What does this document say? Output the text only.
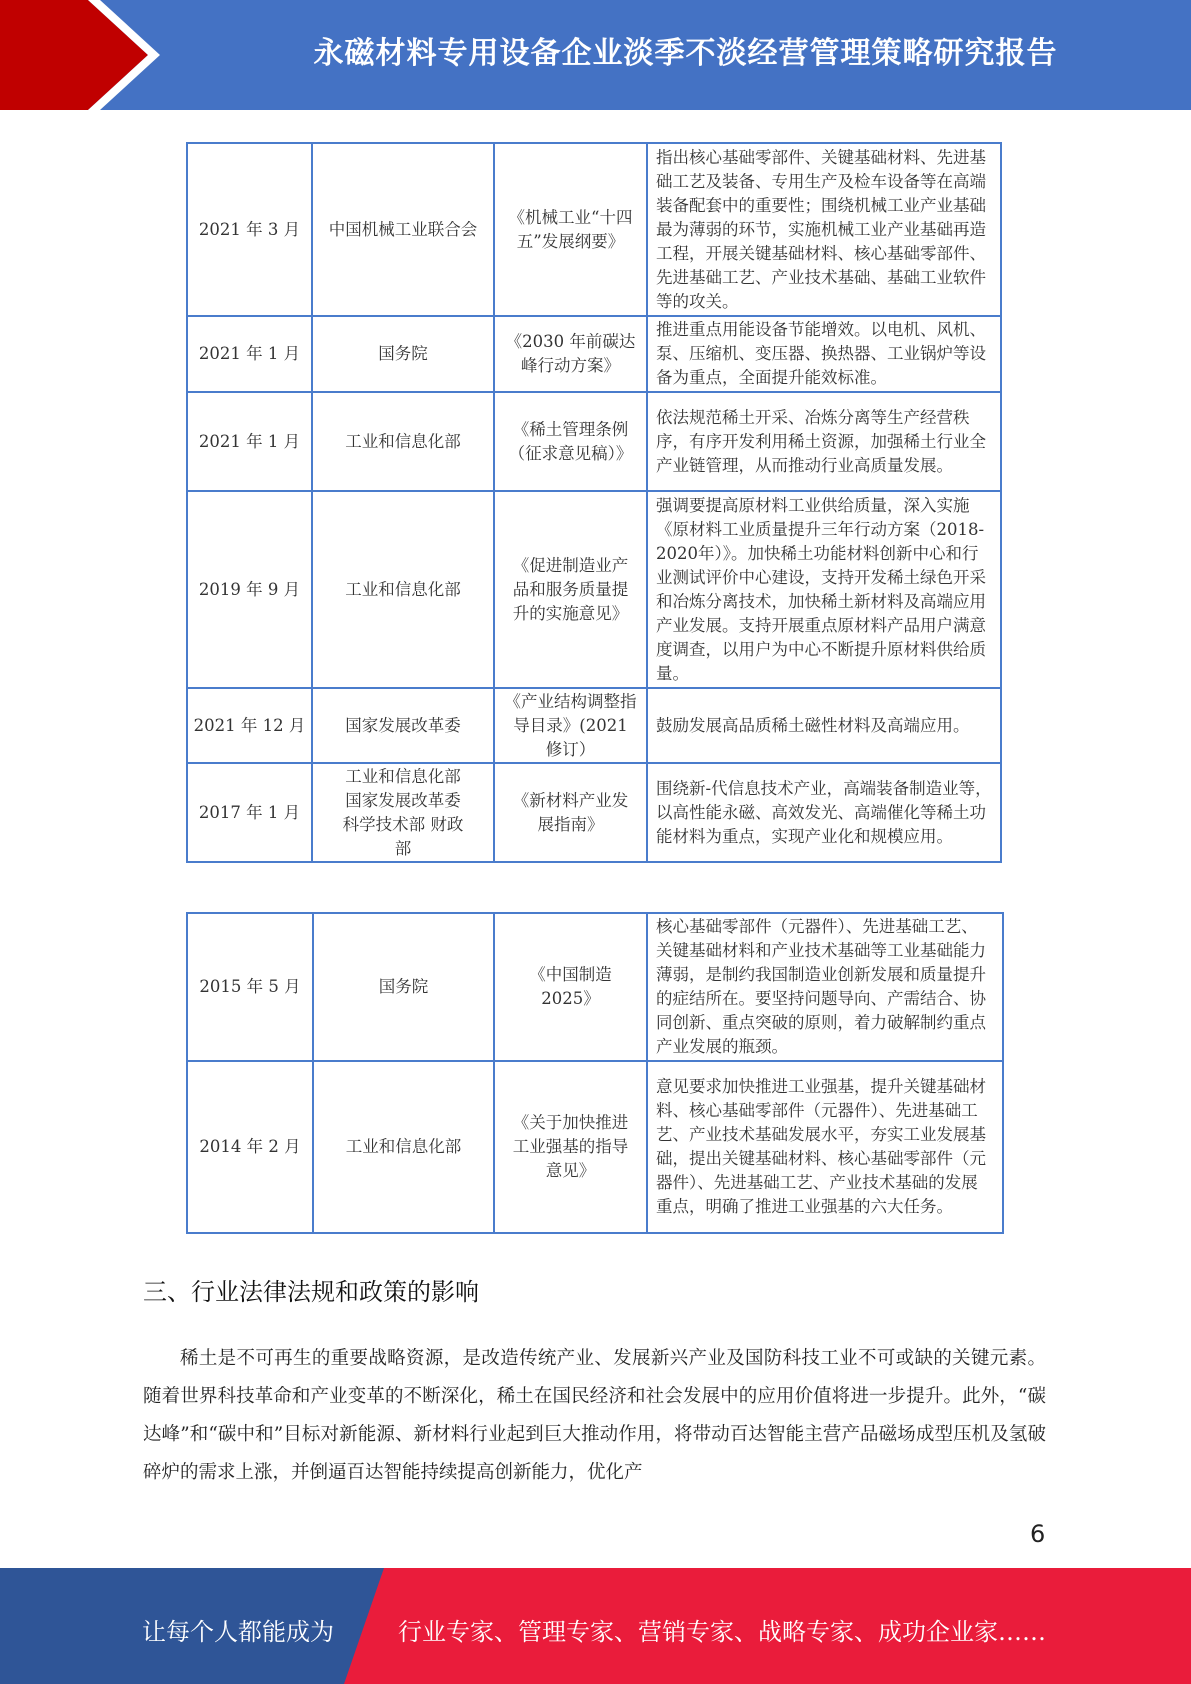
永磁材料专用设备企业淡季不淡经营管理策略研究报告
2021 年 3 月	中国机械工业联合会	《机械工业“十四五”发展纲要》	指出核心基础零部件、关键基础材料、先进基础工艺及装备、专用生产及检车设备等在高端装备配套中的重要性；围绕机械工业产业基础最为薄弱的环节，实施机械工业产业基础再造工程，开展关键基础材料、核心基础零部件、先进基础工艺、产业技术基础、基础工业软件等的攻关。
2021 年 1 月	国务院	《2030 年前碳达峰行动方案》	推进重点用能设备节能增效。以电机、风机、泵、压缩机、变压器、换热器、工业锅炉等设备为重点，全面提升能效标准。
2021 年 1 月	工业和信息化部	《稀土管理条例（征求意见稿）》	依法规范稀土开采、冶炼分离等生产经营秩序，有序开发利用稀土资源，加强稀土行业全产业链管理，从而推动行业高质量发展。
2019 年 9 月	工业和信息化部	《促进制造业产品和服务质量提升的实施意见》	强调要提高原材料工业供给质量，深入实施《原材料工业质量提升三年行动方案（2018-2020年）》。加快稀土功能材料创新中心和行业测试评价中心建设，支持开发稀土绿色开采和冶炼分离技术，加快稀土新材料及高端应用产业发展。支持开展重点原材料产品用户满意度调查，以用户为中心不断提升原材料供给质量。
2021 年 12 月	国家发展改革委	《产业结构调整指导目录》(2021 修订）	鼓励发展高品质稀土磁性材料及高端应用。
2017 年 1 月	工业和信息化部 国家发展改革委 科学技术部 财政部	《新材料产业发展指南》	围绕新-代信息技术产业，高端装备制造业等，以高性能永磁、高效发光、高端催化等稀土功能材料为重点，实现产业化和规模应用。
2015 年 5 月	国务院	《中国制造 2025》	核心基础零部件（元器件）、先进基础工艺、关键基础材料和产业技术基础等工业基础能力薄弱，是制约我国制造业创新发展和质量提升的症结所在。要坚持问题导向、产需结合、协同创新、重点突破的原则，着力破解制约重点产业发展的瓶颈。
2014 年 2 月	工业和信息化部	《关于加快推进工业强基的指导意见》	意见要求加快推进工业强基，提升关键基础材料、核心基础零部件（元器件）、先进基础工艺、产业技术基础发展水平，夯实工业发展基础，提出关键基础材料、核心基础零部件（元器件）、先进基础工艺、产业技术基础的发展重点，明确了推进工业强基的六大任务。
三、行业法律法规和政策的影响
稀土是不可再生的重要战略资源，是改造传统产业、发展新兴产业及国防科技工业不可或缺的关键元素。随着世界科技革命和产业变革的不断深化，稀土在国民经济和社会发展中的应用价值将进一步提升。此外，“碳达峰”和“碳中和”目标对新能源、新材料行业起到巨大推动作用，将带动百达智能主营产品磁场成型压机及氢破碎炉的需求上涨，并倒逼百达智能持续提高创新能力，优化产
6
让每个人都能成为	行业专家、管理专家、营销专家、战略专家、成功企业家……
